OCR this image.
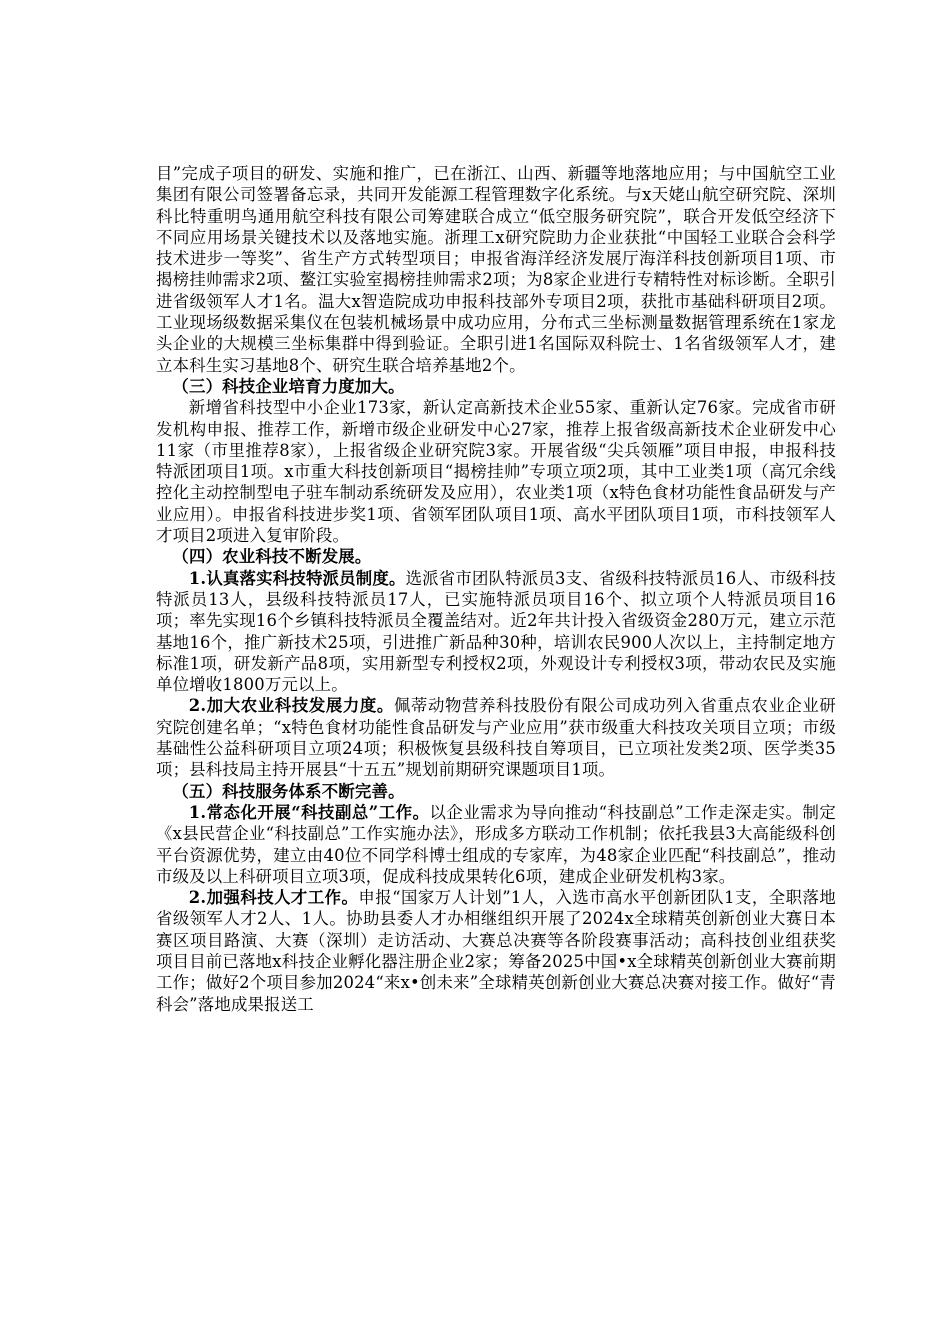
目”完成子项目的研发、实施和推广，已在浙江、山西、新疆等地落地应用；与中国航空工业集团有限公司签署备忘录，共同开发能源工程管理数字化系统。与x天姥山航空研究院、深圳科比特重明鸟通用航空科技有限公司筹建联合成立“低空服务研究院”，联合开发低空经济下不同应用场景关键技术以及落地实施。浙理工x研究院助力企业获批“中国轻工业联合会科学技术进步一等奖”、省生产方式转型项目；申报省海洋经济发展厅海洋科技创新项目1项、市揭榜挂帅需求2项、鳌江实验室揭榜挂帅需求2项；为8家企业进行专精特性对标诊断。全职引进省级领军人才1名。温大x智造院成功申报科技部外专项目2项，获批市基础科研项目2项。工业现场级数据采集仪在包装机械场景中成功应用，分布式三坐标测量数据管理系统在1家龙头企业的大规模三坐标集群中得到验证。全职引进1名国际双科院士、1名省级领军人才，建立本科生实习基地8个、研究生联合培养基地2个。

（三）科技企业培育力度加大。

新增省科技型中小企业173家，新认定高新技术企业55家、重新认定76家。完成省市研发机构申报、推荐工作，新增市级企业研发中心27家，推荐上报省级高新技术企业研发中心11家（市里推荐8家），上报省级企业研究院3家。开展省级“尖兵领雁”项目申报，申报科技特派团项目1项。x市重大科技创新项目“揭榜挂帅”专项立项2项，其中工业类1项（高冗余线控化主动控制型电子驻车制动系统研发及应用），农业类1项（x特色食材功能性食品研发与产业应用）。申报省科技进步奖1项、省领军团队项目1项、高水平团队项目1项，市科技领军人才项目2项进入复审阶段。

（四）农业科技不断发展。

1.认真落实科技特派员制度。选派省市团队特派员3支、省级科技特派员16人、市级科技特派员13人，县级科技特派员17人，已实施特派员项目16个、拟立项个人特派员项目16项；率先实现16个乡镇科技特派员全覆盖结对。近2年共计投入省级资金280万元，建立示范基地16个，推广新技术25项，引进推广新品种30种，培训农民900人次以上，主持制定地方标准1项，研发新产品8项，实用新型专利授权2项，外观设计专利授权3项，带动农民及实施单位增收1800万元以上。

2.加大农业科技发展力度。佩蒂动物营养科技股份有限公司成功列入省重点农业企业研究院创建名单；“x特色食材功能性食品研发与产业应用”获市级重大科技攻关项目立项；市级基础性公益科研项目立项24项；积极恢复县级科技自筹项目，已立项社发类2项、医学类35项；县科技局主持开展县“十五五”规划前期研究课题项目1项。

（五）科技服务体系不断完善。

1.常态化开展“科技副总”工作。以企业需求为导向推动“科技副总”工作走深走实。制定《x县民营企业“科技副总”工作实施办法》，形成多方联动工作机制；依托我县3大高能级科创平台资源优势，建立由40位不同学科博士组成的专家库，为48家企业匹配“科技副总”，推动市级及以上科研项目立项3项，促成科技成果转化6项，建成企业研发机构3家。

2.加强科技人才工作。申报“国家万人计划”1人，入选市高水平创新团队1支，全职落地省级领军人才2人、1人。协助县委人才办相继组织开展了2024x全球精英创新创业大赛日本赛区项目路演、大赛（深圳）走访活动、大赛总决赛等各阶段赛事活动；高科技创业组获奖项目目前已落地x科技企业孵化器注册企业2家；筹备2025中国•x全球精英创新创业大赛前期工作；做好2个项目参加2024“来x•创未来”全球精英创新创业大赛总决赛对接工作。做好“青科会”落地成果报送工
